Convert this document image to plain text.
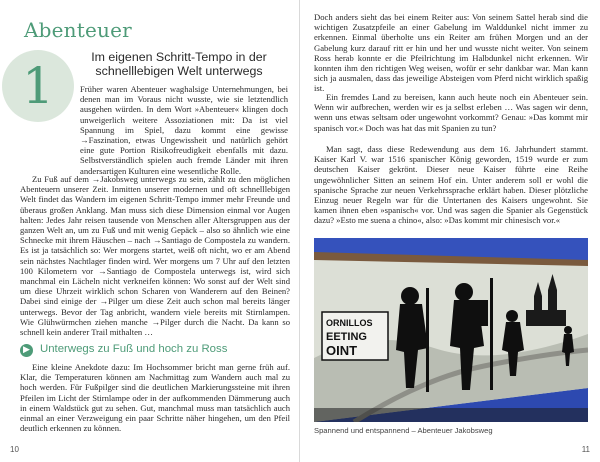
Abenteuer
1	Im eigenen Schritt-Tempo in der schnelllebigen Welt unterwegs

Früher waren Abenteuer waghalsige Unternehmungen, bei denen man im Voraus nicht wusste, wie sie letztendlich ausgehen würden. In dem Wort »Abenteuer« klingen doch unweigerlich weitere Assoziationen mit: Da ist viel Spannung im Spiel, dazu kommt eine gewisse →Faszination, etwas Ungewissheit und natürlich gehört eine gute Portion Risikofreudigkeit ebenfalls mit dazu. Selbstverständlich spielen auch fremde Länder mit ihren andersartigen Kulturen eine wesentliche Rolle.

Zu Fuß auf dem →Jakobsweg unterwegs zu sein, zählt zu den möglichen Abenteuern unserer Zeit. Inmitten unserer modernen und oft schnelllebigen Welt findet das Wandern im eigenen Schritt-Tempo immer mehr Freunde und überaus großen Anklang. Man muss sich diese Dimension einmal vor Augen halten: Jedes Jahr reisen tausende von Menschen aller Altersgruppen aus der ganzen Welt an, um zu Fuß und mit wenig Gepäck – also so ähnlich wie eine Schnecke mit ihrem Häuschen – nach →Santiago de Compostela zu wandern. Es ist ja tatsächlich so: Wer morgens startet, weiß oft nicht, wo er am Abend sein nächstes Nachtlager finden wird. Wer morgens um 7 Uhr auf den letzten 100 Kilometern vor →Santiago de Compostela unterwegs ist, wird sich manchmal ein Lächeln nicht verkneifen können: Wo sonst auf der Welt sind um diese Uhrzeit wirklich schon Scharen von Wanderern auf den Beinen? Dabei sind einige der →Pilger um diese Zeit auch schon mal bereits länger unterwegs. Bevor der Tag anbricht, wandern viele bereits mit Stirnlampen. Wie Glühwürmchen ziehen manche →Pilger durch die Nacht. Da kann so schnell kein anderer Trail mithalten …

▶ Unterwegs zu Fuß und hoch zu Ross

Eine kleine Anekdote dazu: Im Hochsommer bricht man gerne früh auf. Klar, die Temperaturen können am Nachmittag zum Wandern auch mal zu hoch werden. Für Fußpilger sind die deutlichen Markierungssteine mit ihren Pfeilen im Licht der Stirnlampe oder in der aufkommenden Dämmerung auch in einem Waldstück gut zu sehen. Gut, manchmal muss man tatsächlich auch einmal an einer Verzweigung ein paar Schritte näher hingehen, um den Pfeil deutlich erkennen zu können.

10

Doch anders sieht das bei einem Reiter aus: Von seinem Sattel herab sind die wichtigen Zusatzpfeile an einer Gabelung im Walddunkel nicht immer zu erkennen. Einmal überholte uns ein Reiter am frühen Morgen und an der Gabelung kurz darauf ritt er hin und her und wusste nicht weiter. Von seinem Ross herab konnte er die Pfeilrichtung im Halbdunkel nicht erkennen. Wir konnten ihm den richtigen Weg weisen, wofür er sehr dankbar war. Man kann sich ja ausmalen, dass das jeweilige Absteigen vom Pferd nicht wirklich spaßig ist.

Ein fremdes Land zu bereisen, kann auch heute noch ein Abenteuer sein. Wenn wir aufbrechen, werden wir es ja selbst erleben … Was sagen wir denn, wenn uns etwas seltsam oder ungewohnt vorkommt? Genau: »Das kommt mir spanisch vor.« Doch was hat das mit Spanien zu tun?

Man sagt, dass diese Redewendung aus dem 16. Jahrhundert stammt. Kaiser Karl V. war 1516 spanischer König geworden, 1519 wurde er zum deutschen Kaiser gekrönt. Dieser neue Kaiser führte eine Reihe ungewöhnlicher Sitten an seinem Hof ein. Unter anderem soll er wohl die spanische Sprache zur neuen Verkehrssprache erklärt haben. Dieser plötzliche Einzug neuer Regeln war für die Untertanen des Kaisers ungewohnt. Sie kamen ihnen eben »spanisch« vor. Und was sagen die Spanier als Gegenstück dazu? »Esto me suena a chino«, also: »Das kommt mir chinesisch vor.«

ORNILLOS
EETING
OINT
Spannend und entspannend – Abenteuer Jakobsweg
11
